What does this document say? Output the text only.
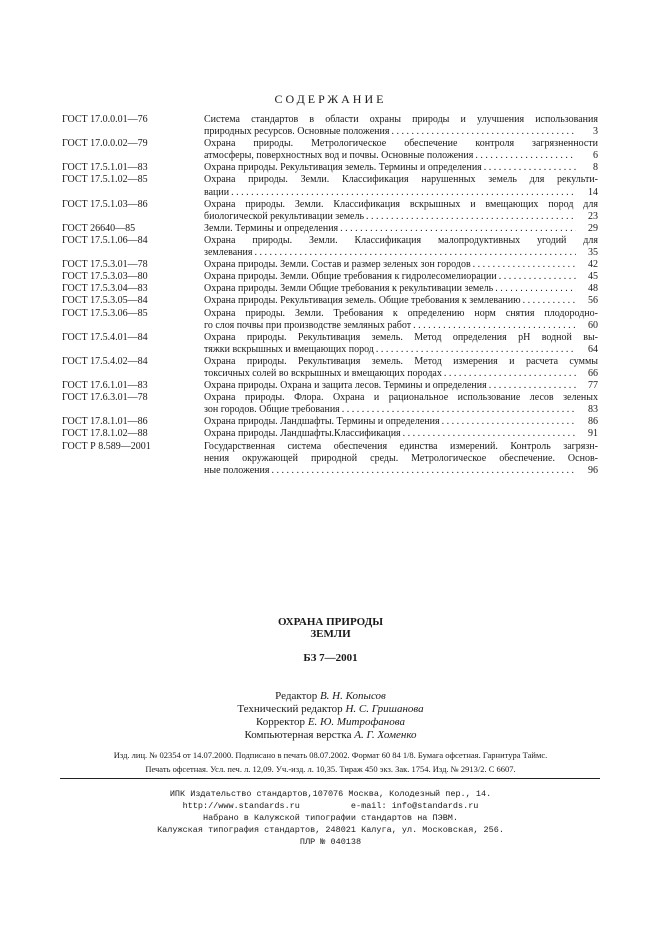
СОДЕРЖАНИЕ
ГОСТ 17.0.0.01—76	Система стандартов в области охраны природы и улучшения использования
природных ресурсов. Основные положения . . .	3
ГОСТ 17.0.0.02—79	Охрана природы. Метрологическое обеспечение контроля загрязненности
атмосферы, поверхностных вод и почвы. Основные положения . . .	6
ГОСТ 17.5.1.01—83	Охрана природы. Рекультивация земель. Термины и определения . . .	8
ГОСТ 17.5.1.02—85	Охрана природы. Земли. Классификация нарушенных земель для рекульти-
вации . . .	14
ГОСТ 17.5.1.03—86	Охрана природы. Земли. Классификация вскрышных и вмещающих пород для
биологической рекультивации земель . . .	23
ГОСТ 26640—85	Земли. Термины и определения . . .	29
ГОСТ 17.5.1.06—84	Охрана природы. Земли. Классификация малопродуктивных угодий для
землевания . . .	35
ГОСТ 17.5.3.01—78	Охрана природы. Земли. Состав и размер зеленых зон городов . . .	42
ГОСТ 17.5.3.03—80	Охрана природы. Земли. Общие требования к гидролесомелиорации . . .	45
ГОСТ 17.5.3.04—83	Охрана природы. Земли Общие требования к рекультивации земель . . .	48
ГОСТ 17.5.3.05—84	Охрана природы. Рекультивация земель. Общие требования к землеванию . . .	56
ГОСТ 17.5.3.06—85	Охрана природы. Земли. Требования к определению норм снятия плодородно-
го слоя почвы при производстве земляных работ . . .	60
ГОСТ 17.5.4.01—84	Охрана природы. Рекультивация земель. Метод определения pH водной вы-
тяжки вскрышных и вмещающих пород . . .	64
ГОСТ 17.5.4.02—84	Охрана природы. Рекультивация земель. Метод измерения и расчета суммы
токсичных солей во вскрышных и вмещающих породах . . .	66
ГОСТ 17.6.1.01—83	Охрана природы. Охрана и защита лесов. Термины и определения . . .	77
ГОСТ 17.6.3.01—78	Охрана природы. Флора. Охрана и рациональное использование лесов зеленых
зон городов. Общие требования . . .	83
ГОСТ 17.8.1.01—86	Охрана природы. Ландшафты. Термины и определения . . .	86
ГОСТ 17.8.1.02—88	Охрана природы. Ландшафты.Классификация . . .	91
ГОСТ Р 8.589—2001	Государственная система обеспечения единства измерений. Контроль загрязн-
нения окружающей природной среды. Метрологическое обеспечение. Основ-
ные положения . . .	96
ОХРАНА ПРИРОДЫ
ЗЕМЛИ
БЗ 7—2001
Редактор В. Н. Копысов
Технический редактор Н. С. Гришанова
Корректор Е. Ю. Митрофанова
Компьютерная верстка А. Г. Хоменко
Изд. лиц. № 02354 от 14.07.2000. Подписано в печать 08.07.2002. Формат 60 84 1/8. Бумага офсетная. Гарнитура Таймс.
Печать офсетная. Усл. печ. л. 12,09. Уч.-изд. л. 10,35. Тираж 450 экз. Зак. 1754. Изд. № 2913/2. С 6607.
ИПК Издательство стандартов,107076 Москва, Колодезный пер., 14.
http://www.standards.ru          e-mail: info@standards.ru
Набрано в Калужской типографии стандартов на ПЭВМ.
Калужская типография стандартов, 248021 Калуга, ул. Московская, 256.
ПЛР № 040138
